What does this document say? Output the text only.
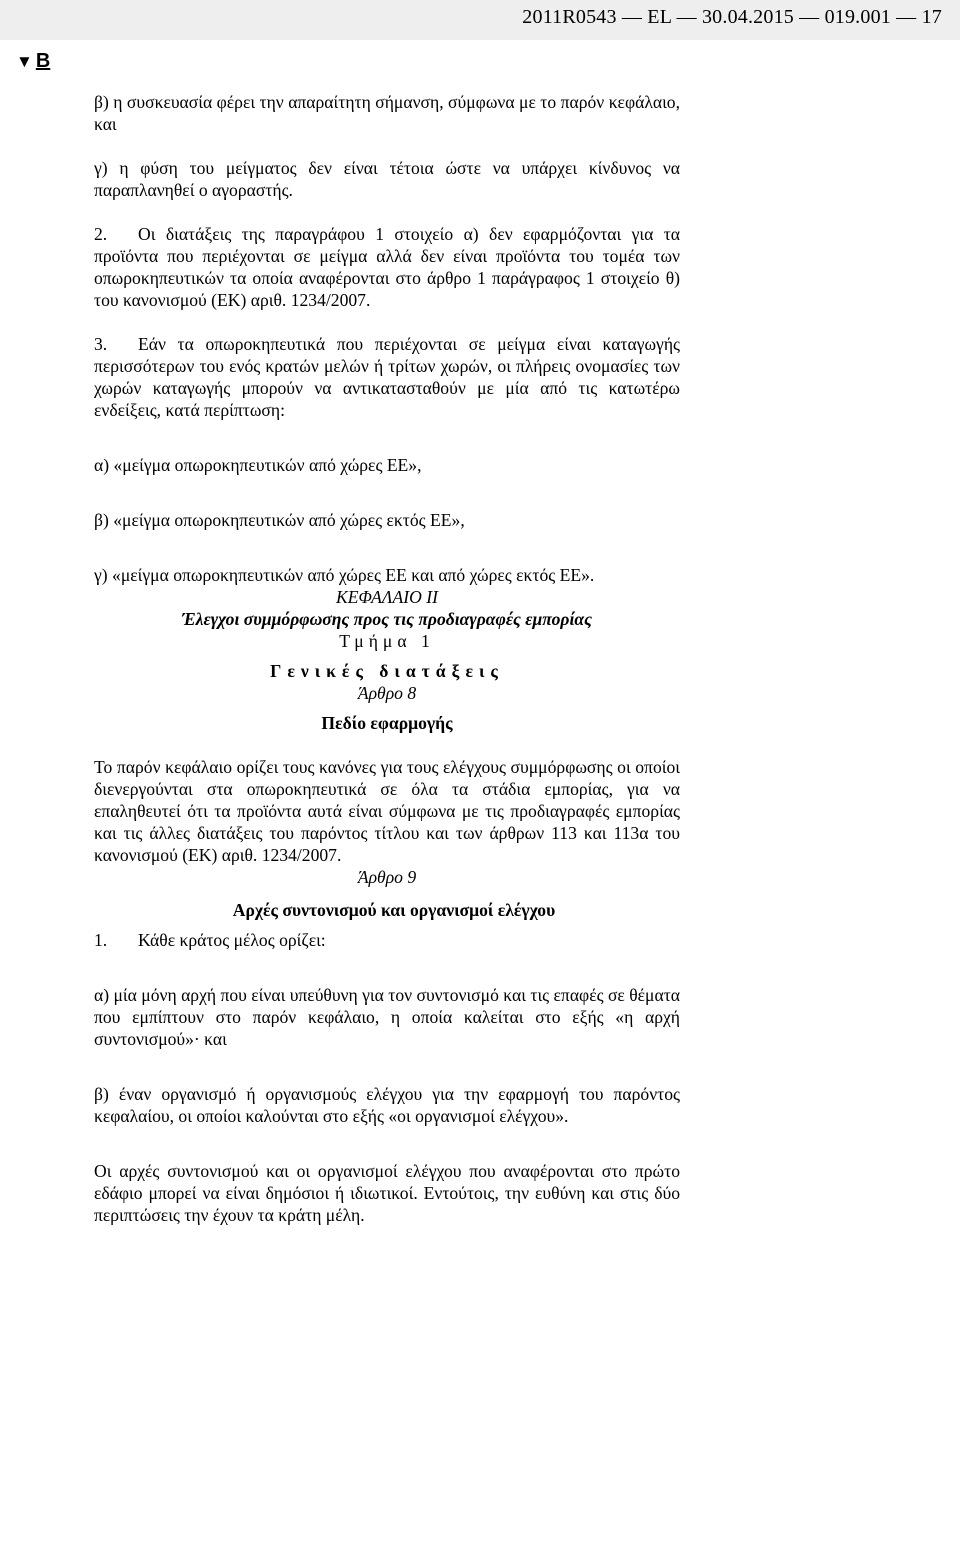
2011R0543 — EL — 30.04.2015 — 019.001 — 17
▼ B

β) η συσκευασία φέρει την απαραίτητη σήμανση, σύμφωνα με το παρόν κεφάλαιο, και

γ) η φύση του μείγματος δεν είναι τέτοια ώστε να υπάρχει κίνδυνος να παραπλανηθεί ο αγοραστής.

2. Οι διατάξεις της παραγράφου 1 στοιχείο α) δεν εφαρμόζονται για τα προϊόντα που περιέχονται σε μείγμα αλλά δεν είναι προϊόντα του τομέα των οπωροκηπευτικών τα οποία αναφέρονται στο άρθρο 1 παράγραφος 1 στοιχείο θ) του κανονισμού (ΕΚ) αριθ. 1234/2007.

3. Εάν τα οπωροκηπευτικά που περιέχονται σε μείγμα είναι καταγωγής περισσότερων του ενός κρατών μελών ή τρίτων χωρών, οι πλήρεις ονομασίες των χωρών καταγωγής μπορούν να αντικατασταθούν με μία από τις κατωτέρω ενδείξεις, κατά περίπτωση:

α) «μείγμα οπωροκηπευτικών από χώρες ΕΕ»,

β) «μείγμα οπωροκηπευτικών από χώρες εκτός ΕΕ»,

γ) «μείγμα οπωροκηπευτικών από χώρες ΕΕ και από χώρες εκτός ΕΕ».

ΚΕΦΑΛΑΙΟ II

Έλεγχοι συμμόρφωσης προς τις προδιαγραφές εμπορίας

Τμήμα 1

Γενικές διατάξεις

Άρθρο 8

Πεδίο εφαρμογής

Το παρόν κεφάλαιο ορίζει τους κανόνες για τους ελέγχους συμμόρφωσης οι οποίοι διενεργούνται στα οπωροκηπευτικά σε όλα τα στάδια εμπορίας, για να επαληθευτεί ότι τα προϊόντα αυτά είναι σύμφωνα με τις προδιαγραφές εμπορίας και τις άλλες διατάξεις του παρόντος τίτλου και των άρθρων 113 και 113α του κανονισμού (ΕΚ) αριθ. 1234/2007.

Άρθρο 9

Αρχές συντονισμού και οργανισμοί ελέγχου

1. Κάθε κράτος μέλος ορίζει:

α) μία μόνη αρχή που είναι υπεύθυνη για τον συντονισμό και τις επαφές σε θέματα που εμπίπτουν στο παρόν κεφάλαιο, η οποία καλείται στο εξής «η αρχή συντονισμού»· και

β) έναν οργανισμό ή οργανισμούς ελέγχου για την εφαρμογή του παρόντος κεφαλαίου, οι οποίοι καλούνται στο εξής «οι οργανισμοί ελέγχου».

Οι αρχές συντονισμού και οι οργανισμοί ελέγχου που αναφέρονται στο πρώτο εδάφιο μπορεί να είναι δημόσιοι ή ιδιωτικοί. Εντούτοις, την ευθύνη και στις δύο περιπτώσεις την έχουν τα κράτη μέλη.
